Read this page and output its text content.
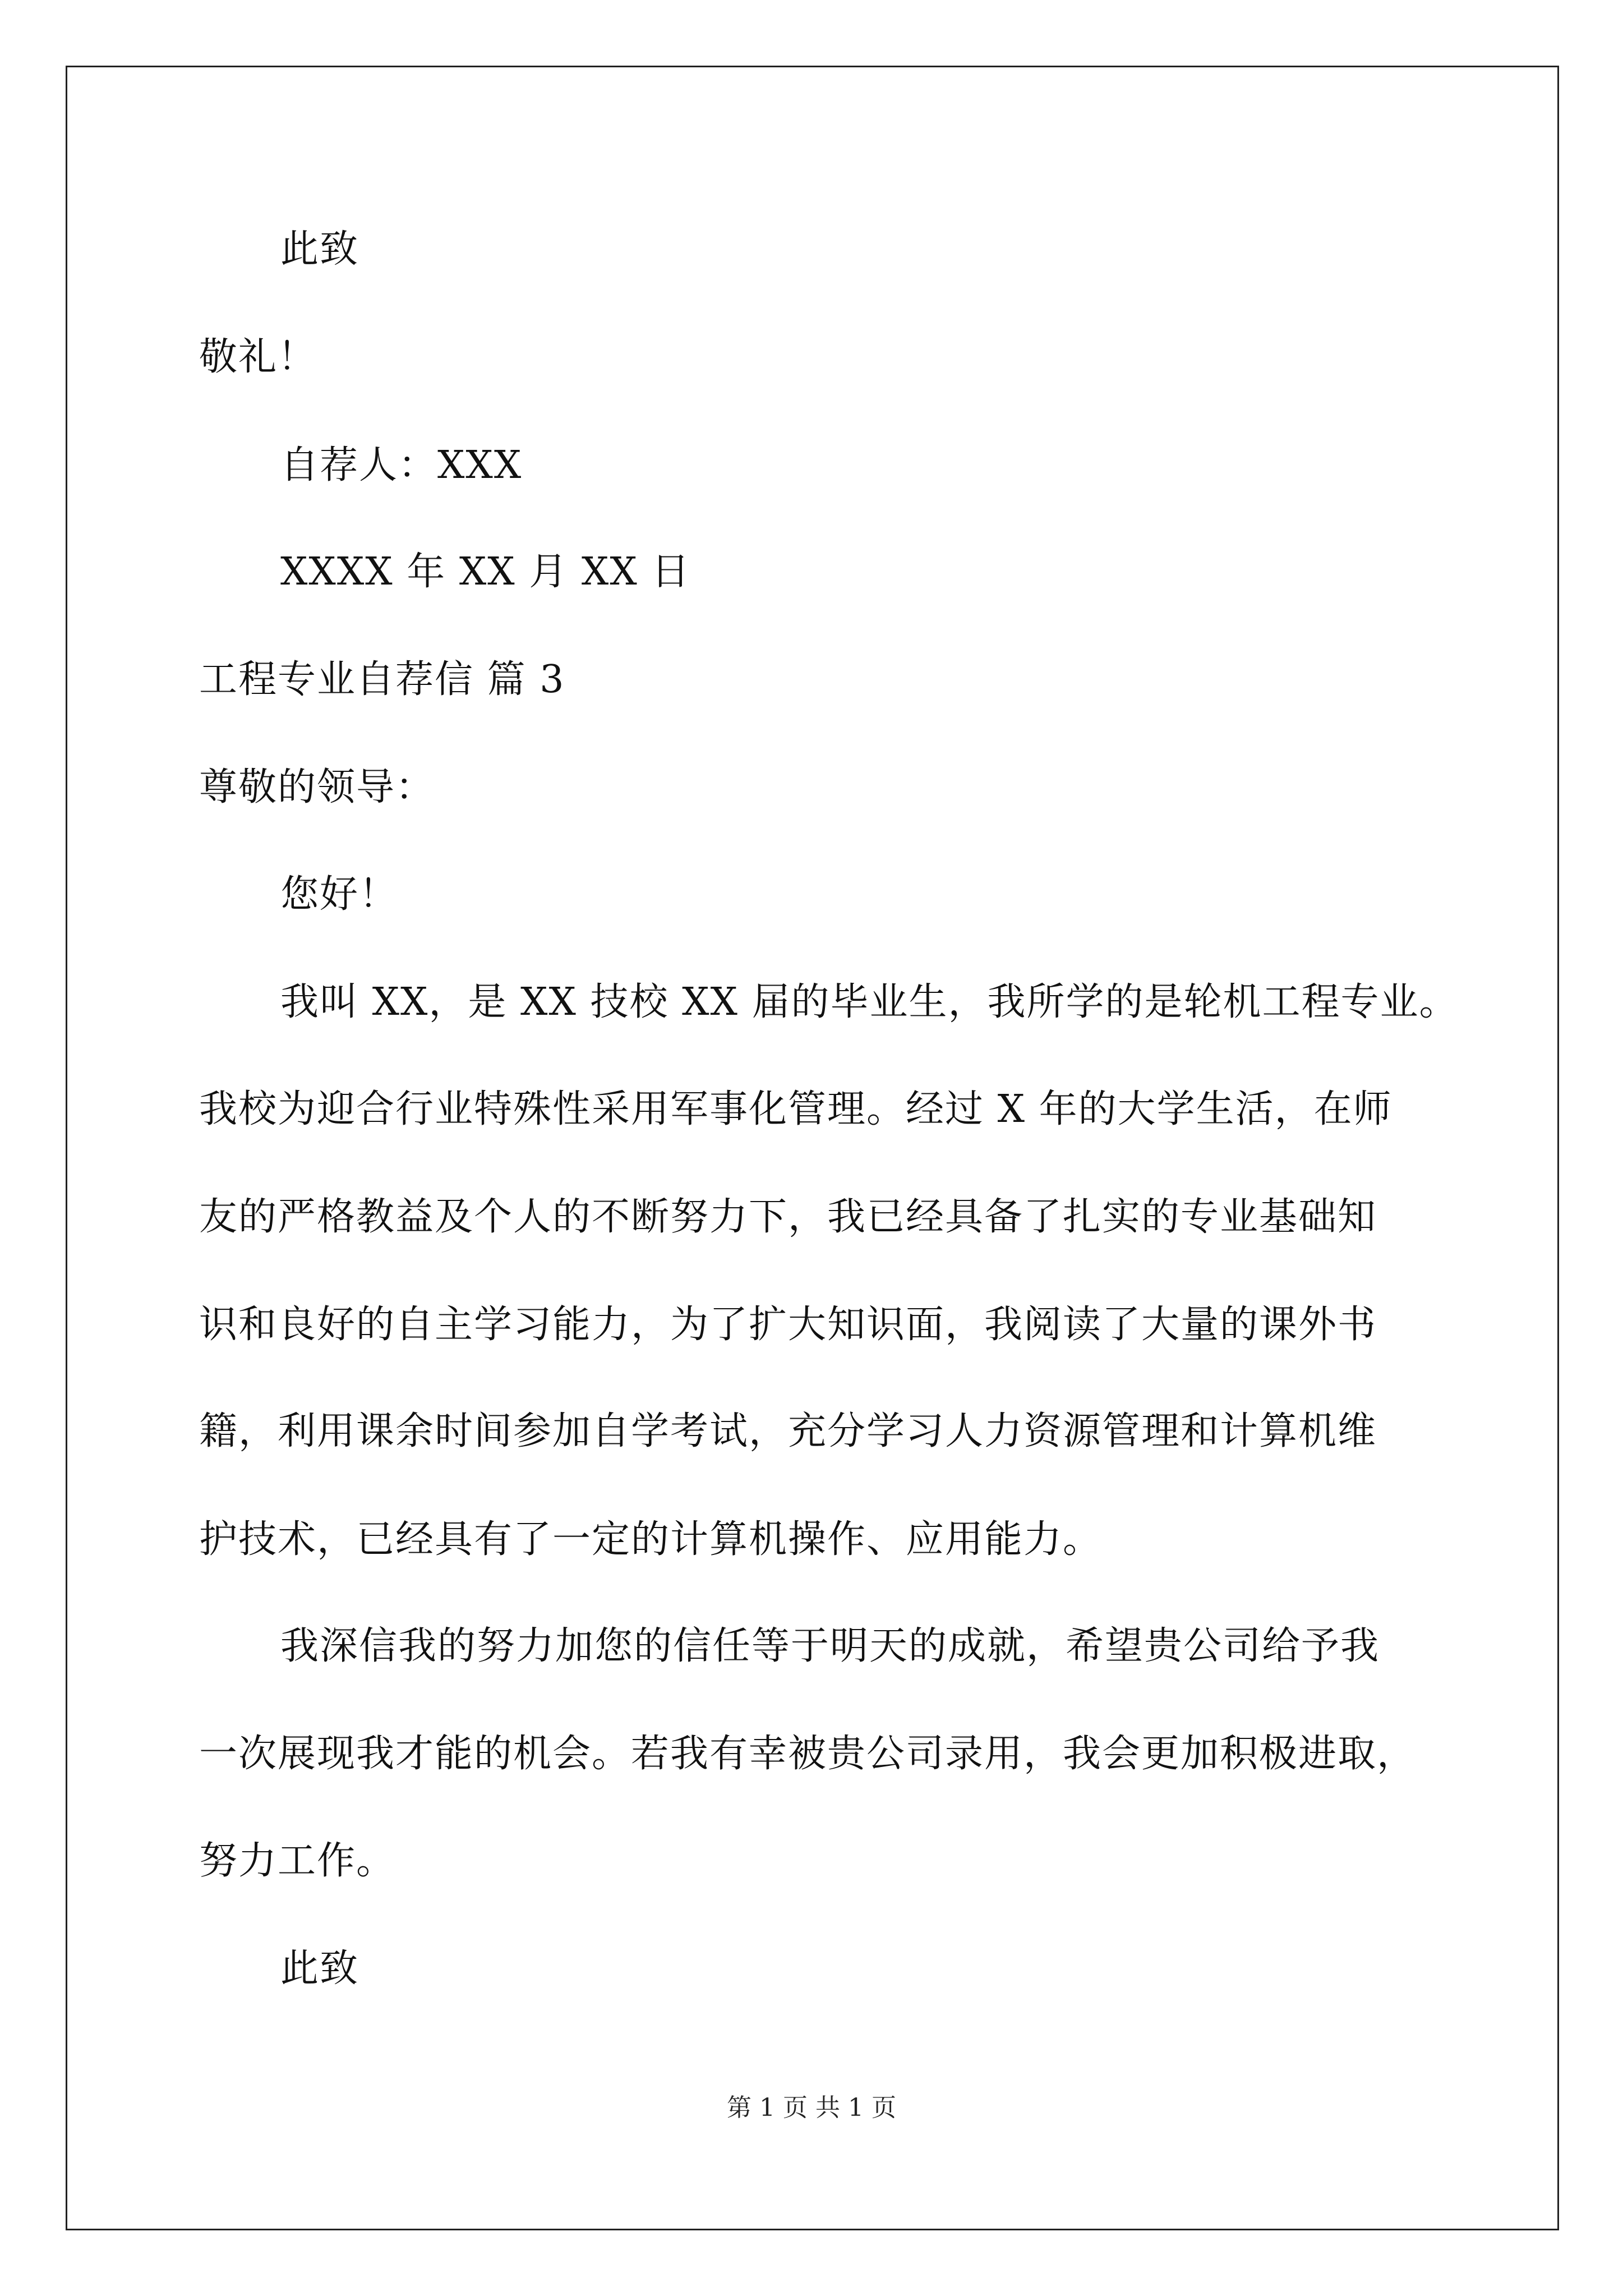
此致
敬礼！
自荐人：XXX
XXXX 年 XX 月 XX 日
工程专业自荐信 篇 3
尊敬的领导：
您好！
我叫 XX，是 XX 技校 XX 届的毕业生，我所学的是轮机工程专业。
我校为迎合行业特殊性采用军事化管理。经过 X 年的大学生活，在师
友的严格教益及个人的不断努力下，我已经具备了扎实的专业基础知
识和良好的自主学习能力，为了扩大知识面，我阅读了大量的课外书
籍，利用课余时间参加自学考试，充分学习人力资源管理和计算机维
护技术，已经具有了一定的计算机操作、应用能力。
我深信我的努力加您的信任等于明天的成就，希望贵公司给予我
一次展现我才能的机会。若我有幸被贵公司录用，我会更加积极进取，
努力工作。
此致
第 1 页 共 1 页
